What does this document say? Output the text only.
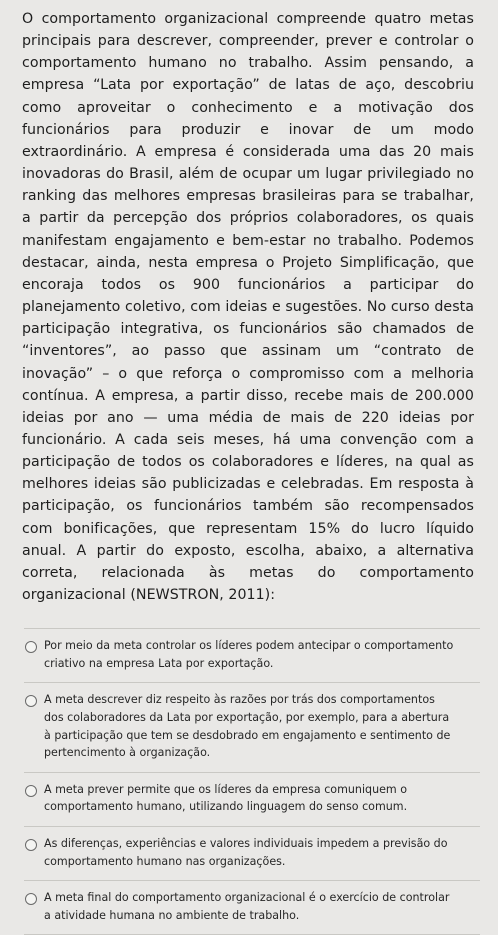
O comportamento organizacional compreende quatro metas principais para descrever, compreender, prever e controlar o comportamento humano no trabalho. Assim pensando, a empresa “Lata por exportação” de latas de aço, descobriu como aproveitar o conhecimento e a motivação dos funcionários para produzir e inovar de um modo extraordinário. A empresa é considerada uma das 20 mais inovadoras do Brasil, além de ocupar um lugar privilegiado no ranking das melhores empresas brasileiras para se trabalhar, a partir da percepção dos próprios colaboradores, os quais manifestam engajamento e bem-estar no trabalho. Podemos destacar, ainda, nesta empresa o Projeto Simplificação, que encoraja todos os 900 funcionários a participar do planejamento coletivo, com ideias e sugestões. No curso desta participação integrativa, os funcionários são chamados de “inventores”, ao passo que assinam um “contrato de inovação” – o que reforça o compromisso com a melhoria contínua. A empresa, a partir disso, recebe mais de 200.000 ideias por ano — uma média de mais de 220 ideias por funcionário. A cada seis meses, há uma convenção com a participação de todos os colaboradores e líderes, na qual as melhores ideias são publicizadas e celebradas. Em resposta à participação, os funcionários também são recompensados com bonificações, que representam 15% do lucro líquido anual. A partir do exposto, escolha, abaixo, a alternativa correta, relacionada às metas do comportamento organizacional (NEWSTRON, 2011):

Por meio da meta controlar os líderes podem antecipar o comportamento criativo na empresa Lata por exportação.
A meta descrever diz respeito às razões por trás dos comportamentos dos colaboradores da Lata por exportação, por exemplo, para a abertura à participação que tem se desdobrado em engajamento e sentimento de pertencimento à organização.
A meta prever permite que os líderes da empresa comuniquem o comportamento humano, utilizando linguagem do senso comum.
As diferenças, experiências e valores individuais impedem a previsão do comportamento humano nas organizações.
A meta final do comportamento organizacional é o exercício de controlar a atividade humana no ambiente de trabalho.
